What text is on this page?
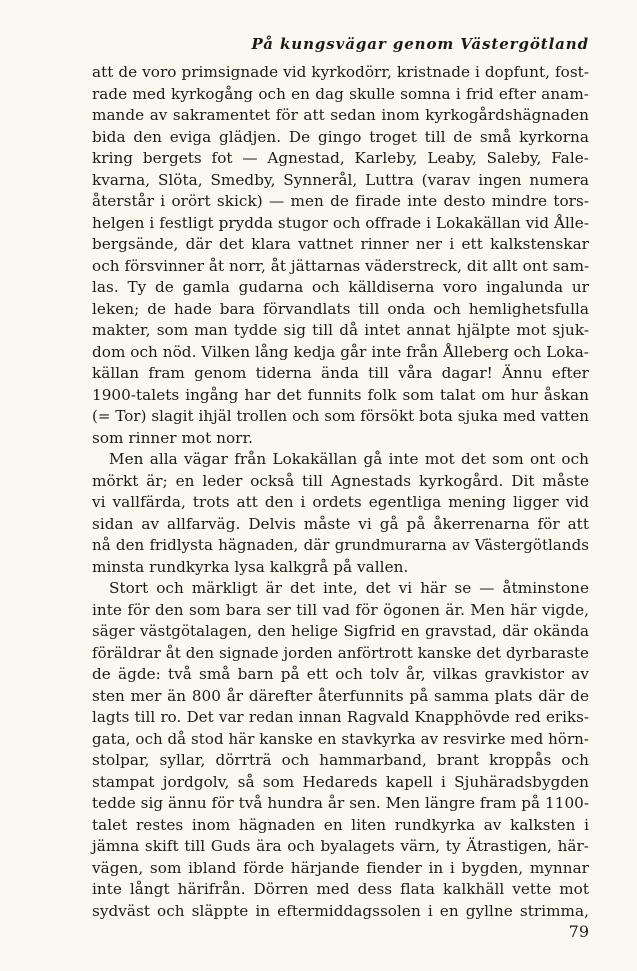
På kungsvägar genom Västergötland
att de voro primsignade vid kyrkodörr, kristnade i dopfunt, fost-
rade med kyrkogång och en dag skulle somna i frid efter anam-
mande av sakramentet för att sedan inom kyrkogårdshägnaden
bida den eviga glädjen. De gingo troget till de små kyrkorna
kring bergets fot — Agnestad, Karleby, Leaby, Saleby, Fale-
kvarna, Slöta, Smedby, Synnerål, Luttra (varav ingen numera
återstår i orört skick) — men de firade inte desto mindre tors-
helgen i festligt prydda stugor och offrade i Lokakällan vid Ålle-
bergsände, där det klara vattnet rinner ner i ett kalkstenskar
och försvinner åt norr, åt jättarnas väderstreck, dit allt ont sam-
las. Ty de gamla gudarna och källdiserna voro ingalunda ur
leken; de hade bara förvandlats till onda och hemlighetsfulla
makter, som man tydde sig till då intet annat hjälpte mot sjuk-
dom och nöd. Vilken lång kedja går inte från Ålleberg och Loka-
källan fram genom tiderna ända till våra dagar! Ännu efter
1900-talets ingång har det funnits folk som talat om hur åskan
(= Tor) slagit ihjäl trollen och som försökt bota sjuka med vatten
som rinner mot norr.
Men alla vägar från Lokakällan gå inte mot det som ont och
mörkt är; en leder också till Agnestads kyrkogård. Dit måste
vi vallfärda, trots att den i ordets egentliga mening ligger vid
sidan av allfarväg. Delvis måste vi gå på åkerrenarna för att
nå den fridlysta hägnaden, där grundmurarna av Västergötlands
minsta rundkyrka lysa kalkgrå på vallen.
Stort och märkligt är det inte, det vi här se — åtminstone
inte för den som bara ser till vad för ögonen är. Men här vigde,
säger västgötalagen, den helige Sigfrid en gravstad, där okända
föräldrar åt den signade jorden anförtrott kanske det dyrbaraste
de ägde: två små barn på ett och tolv år, vilkas gravkistor av
sten mer än 800 år därefter återfunnits på samma plats där de
lagts till ro. Det var redan innan Ragvald Knapphövde red eriks-
gata, och då stod här kanske en stavkyrka av resvirke med hörn-
stolpar, syllar, dörrträ och hammarband, brant kroppås och
stampat jordgolv, så som Hedareds kapell i Sjuhäradsbygden
tedde sig ännu för två hundra år sen. Men längre fram på 1100-
talet restes inom hägnaden en liten rundkyrka av kalksten i
jämna skift till Guds ära och byalagets värn, ty Ätrastigen, här-
vägen, som ibland förde härjande fiender in i bygden, mynnar
inte långt härifrån. Dörren med dess flata kalkhäll vette mot
sydväst och släppte in eftermiddagssolen i en gyllne strimma,
79
